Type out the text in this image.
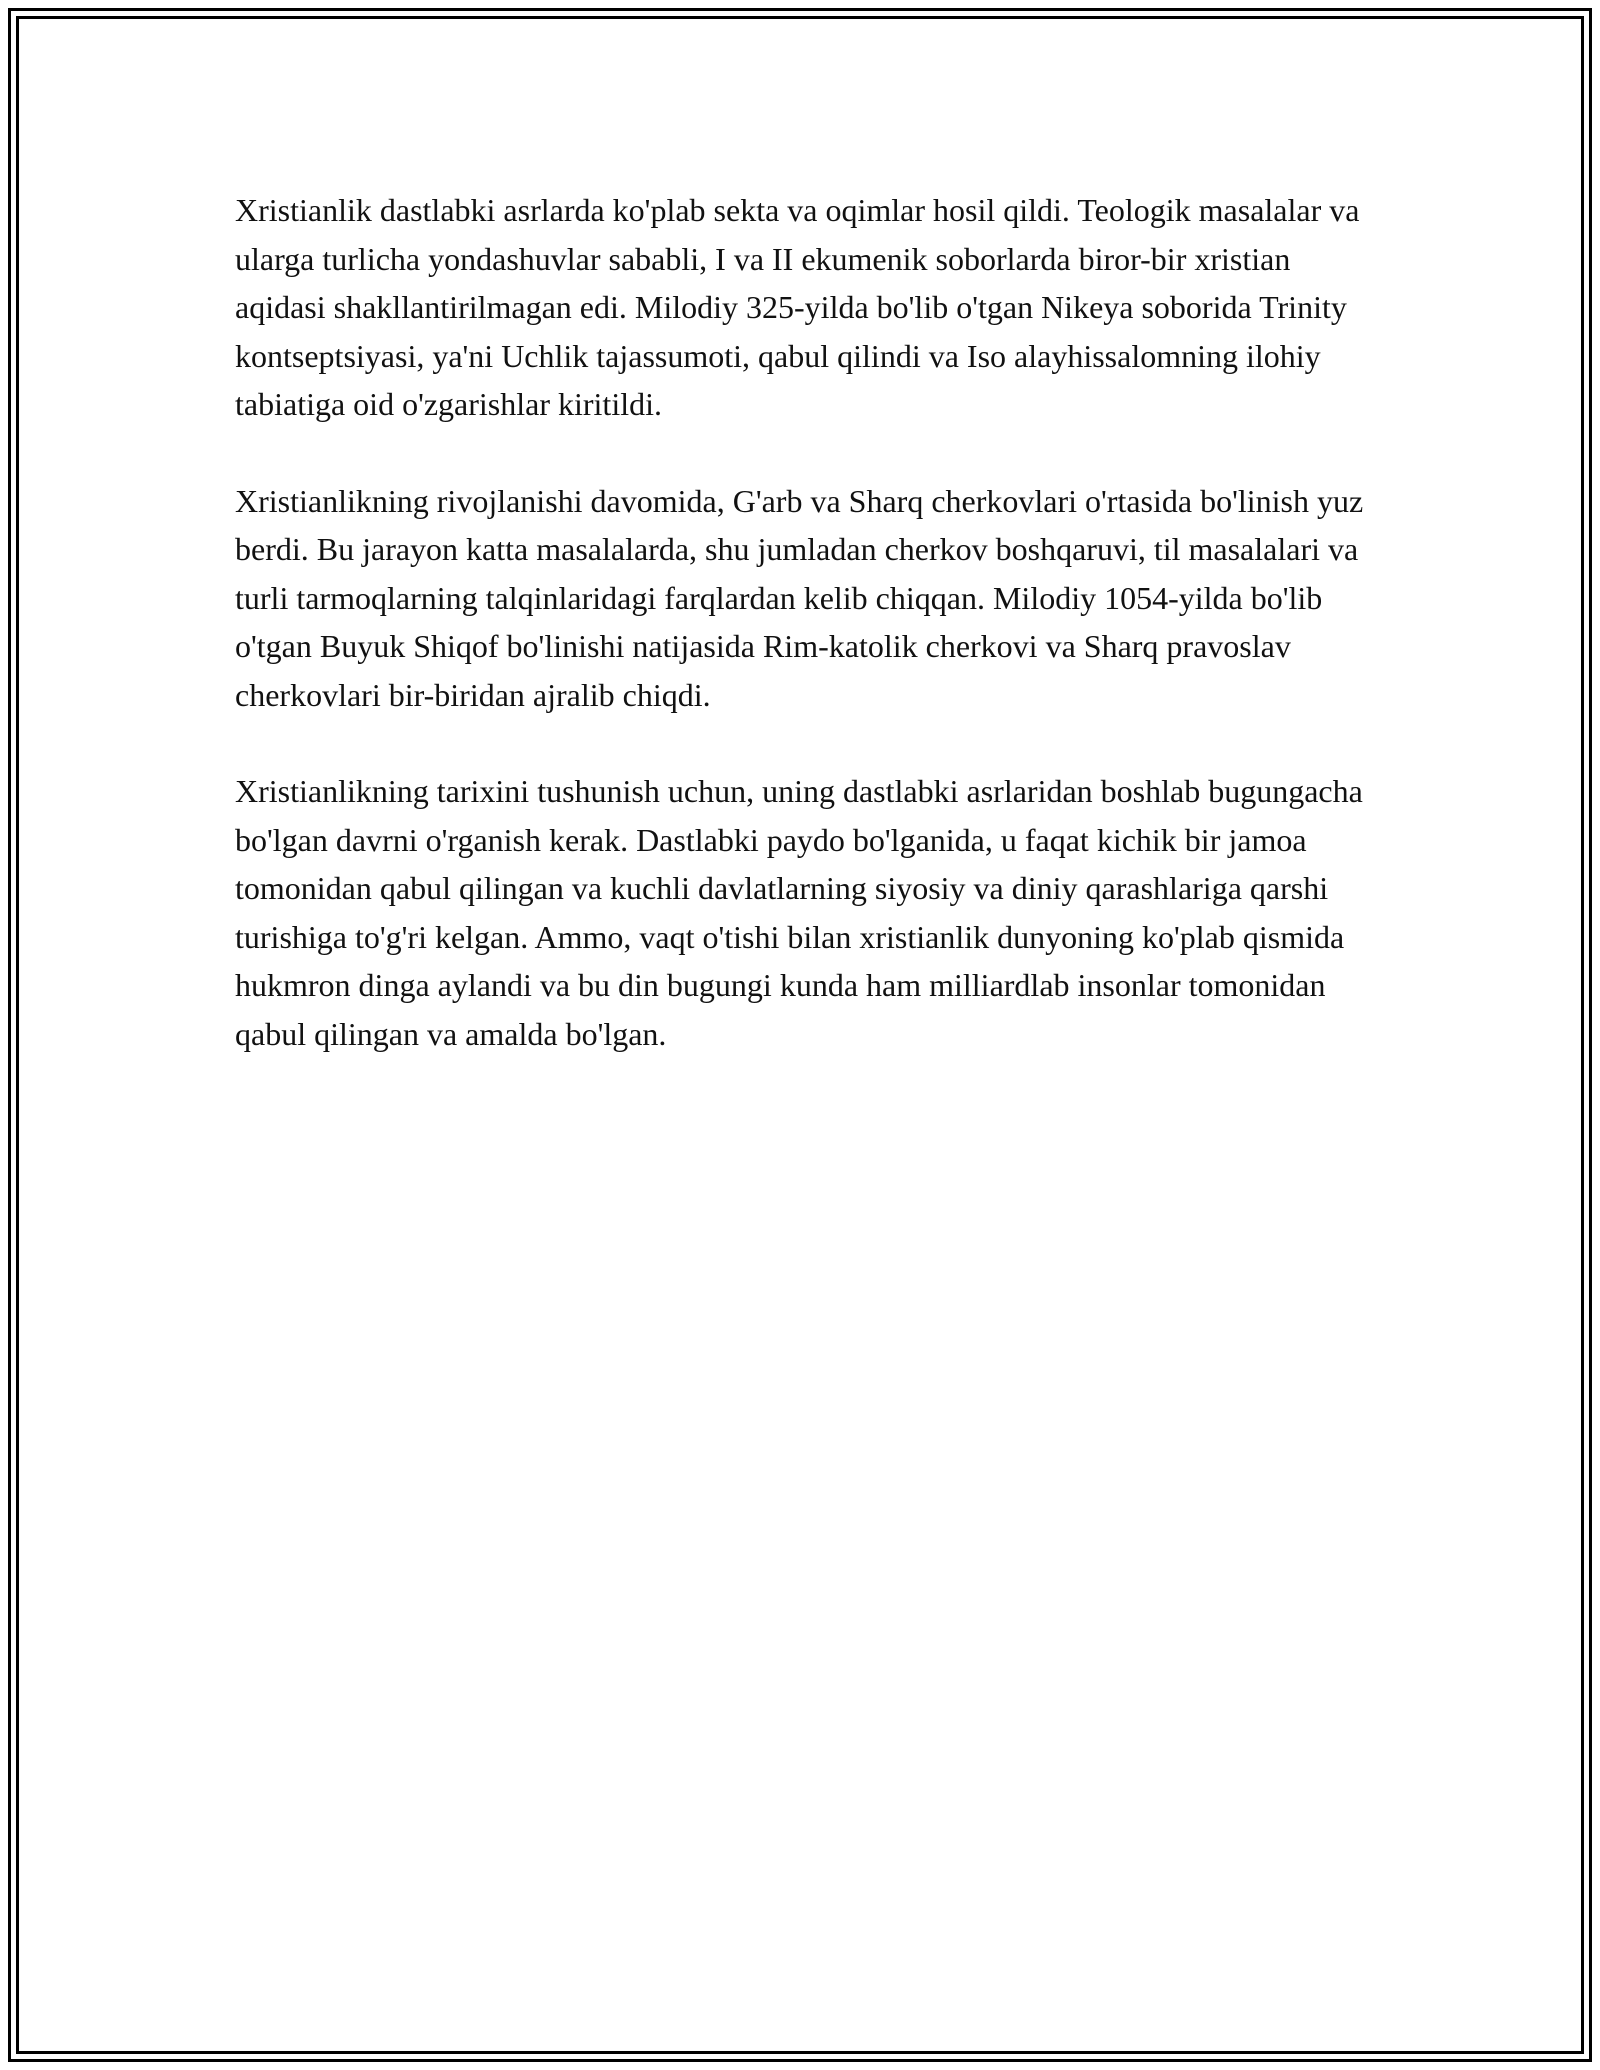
Xristianlik dastlabki asrlarda ko'plab sekta va oqimlar hosil qildi. Teologik masalalar va ularga turlicha yondashuvlar sababli, I va II ekumenik soborlarda biror-bir xristian aqidasi shakllantirilmagan edi. Milodiy 325-yilda bo'lib o'tgan Nikeya soborida Trinity kontseptsiyasi, ya'ni Uchlik tajassumoti, qabul qilindi va Iso alayhissalomning ilohiy tabiatiga oid o'zgarishlar kiritildi.

Xristianlikning rivojlanishi davomida, G'arb va Sharq cherkovlari o'rtasida bo'linish yuz berdi. Bu jarayon katta masalalarda, shu jumladan cherkov boshqaruvi, til masalalari va turli tarmoqlarning talqinlaridagi farqlardan kelib chiqqan. Milodiy 1054-yilda bo'lib o'tgan Buyuk Shiqof bo'linishi natijasida Rim-katolik cherkovi va Sharq pravoslav cherkovlari bir-biridan ajralib chiqdi.

Xristianlikning tarixini tushunish uchun, uning dastlabki asrlaridan boshlab bugungacha bo'lgan davrni o'rganish kerak. Dastlabki paydo bo'lganida, u faqat kichik bir jamoa tomonidan qabul qilingan va kuchli davlatlarning siyosiy va diniy qarashlariga qarshi turishiga to'g'ri kelgan. Ammo, vaqt o'tishi bilan xristianlik dunyoning ko'plab qismida hukmron dinga aylandi va bu din bugungi kunda ham milliardlab insonlar tomonidan qabul qilingan va amalda bo'lgan.
